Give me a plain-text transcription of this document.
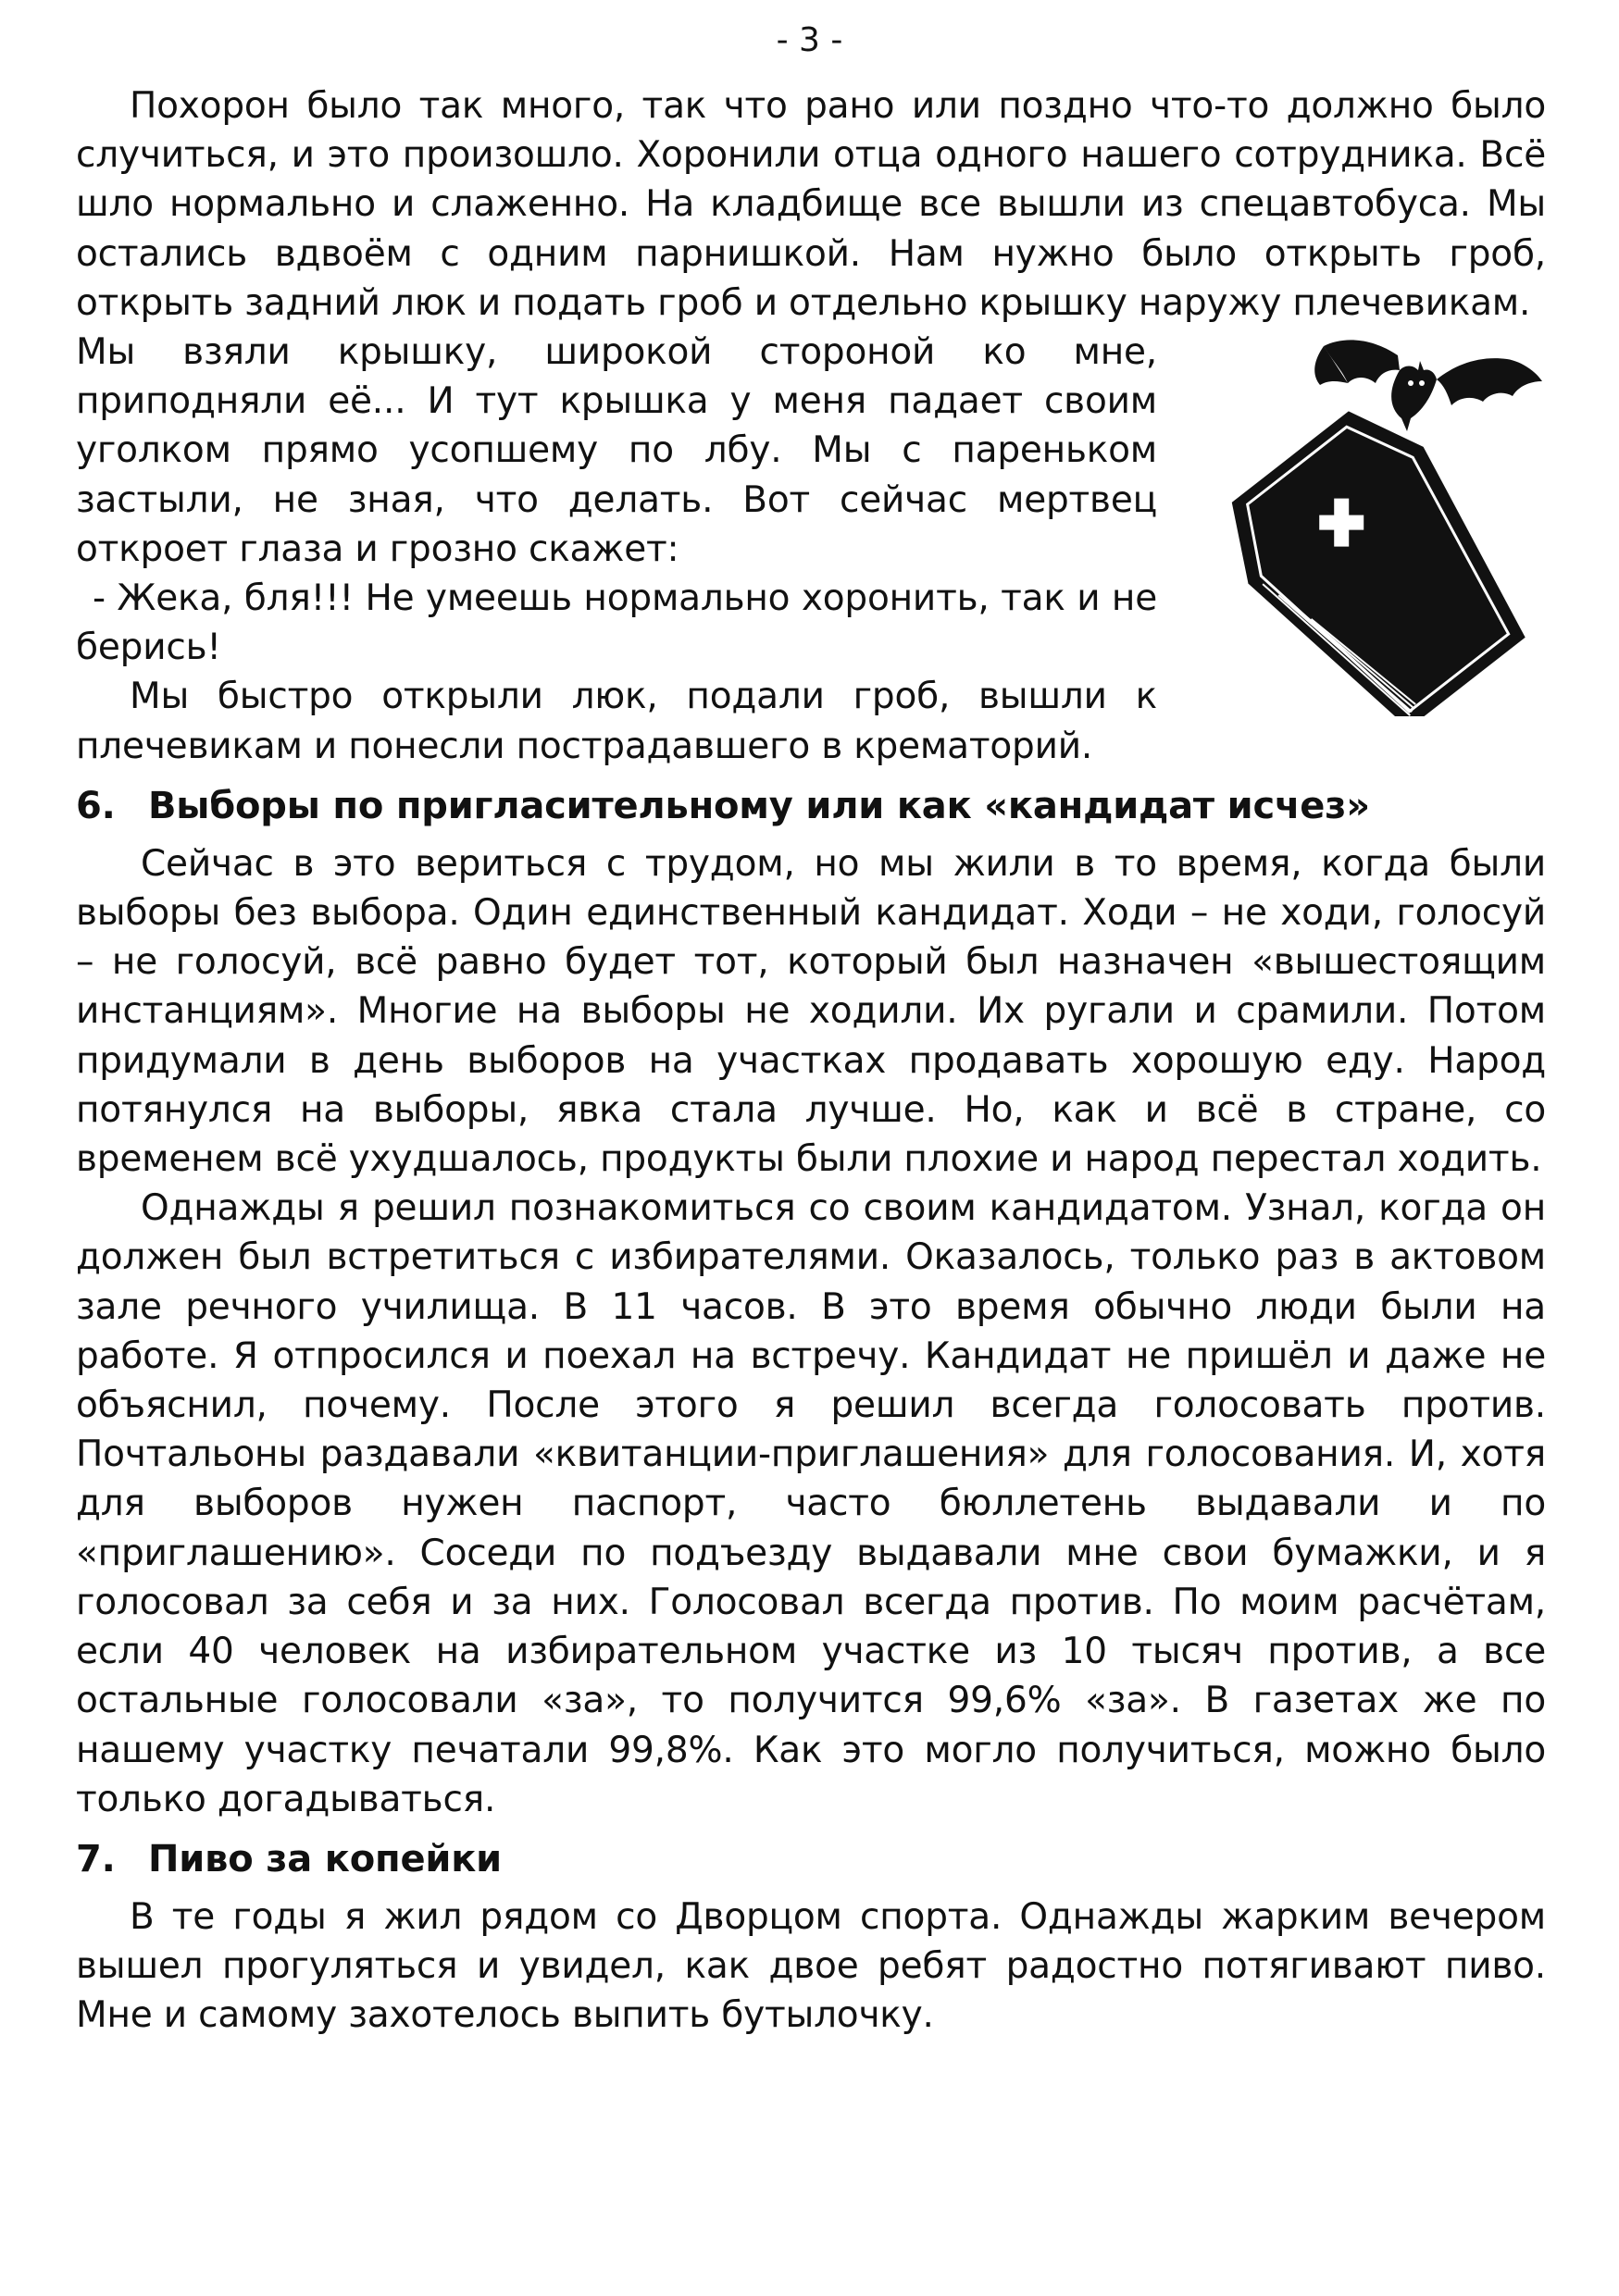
- 3 -

Похорон было так много, так что рано или поздно что-то должно было случиться, и это произошло. Хоронили отца одного нашего сотрудника. Всё шло нормально и слаженно. На кладбище все вышли из спецавтобуса. Мы остались вдвоём с одним парнишкой. Нам нужно было открыть гроб, открыть задний люк и подать гроб и отдельно крышку наружу плечевикам.

Мы взяли крышку, широкой стороной ко мне, приподняли её... И тут крышка у меня падает своим уголком прямо усопшему по лбу. Мы с пареньком застыли, не зная, что делать. Вот сейчас мертвец откроет глаза и грозно скажет:

- Жека, бля!!! Не умеешь нормально хоронить, так и не берись!

Мы быстро открыли люк, подали гроб, вышли к плечевикам и понесли пострадавшего в крематорий.

6. Выборы по пригласительному или как «кандидат исчез»

Сейчас в это вериться с трудом, но мы жили в то время, когда были выборы без выбора. Один единственный кандидат. Ходи – не ходи, голосуй – не голосуй, всё равно будет тот, который был назначен «вышестоящим инстанциям». Многие на выборы не ходили. Их ругали и срамили. Потом придумали в день выборов на участках продавать хорошую еду. Народ потянулся на выборы, явка стала лучше. Но, как и всё в стране, со временем всё ухудшалось, продукты были плохие и народ перестал ходить.

Однажды я решил познакомиться со своим кандидатом. Узнал, когда он должен был встретиться с избирателями. Оказалось, только раз в актовом зале речного училища. В 11 часов. В это время обычно люди были на работе. Я отпросился и поехал на встречу. Кандидат не пришёл и даже не объяснил, почему. После этого я решил всегда голосовать против. Почтальоны раздавали «квитанции-приглашения» для голосования. И, хотя для выборов нужен паспорт, часто бюллетень выдавали и по «приглашению». Соседи по подъезду выдавали мне свои бумажки, и я голосовал за себя и за них. Голосовал всегда против. По моим расчётам, если 40 человек на избирательном участке из 10 тысяч против, а все остальные голосовали «за», то получится 99,6% «за». В газетах же по нашему участку печатали 99,8%. Как это могло получиться, можно было только догадываться.

7. Пиво за копейки

В те годы я жил рядом со Дворцом спорта. Однажды жарким вечером вышел прогуляться и увидел, как двое ребят радостно потягивают пиво. Мне и самому захотелось выпить бутылочку.
